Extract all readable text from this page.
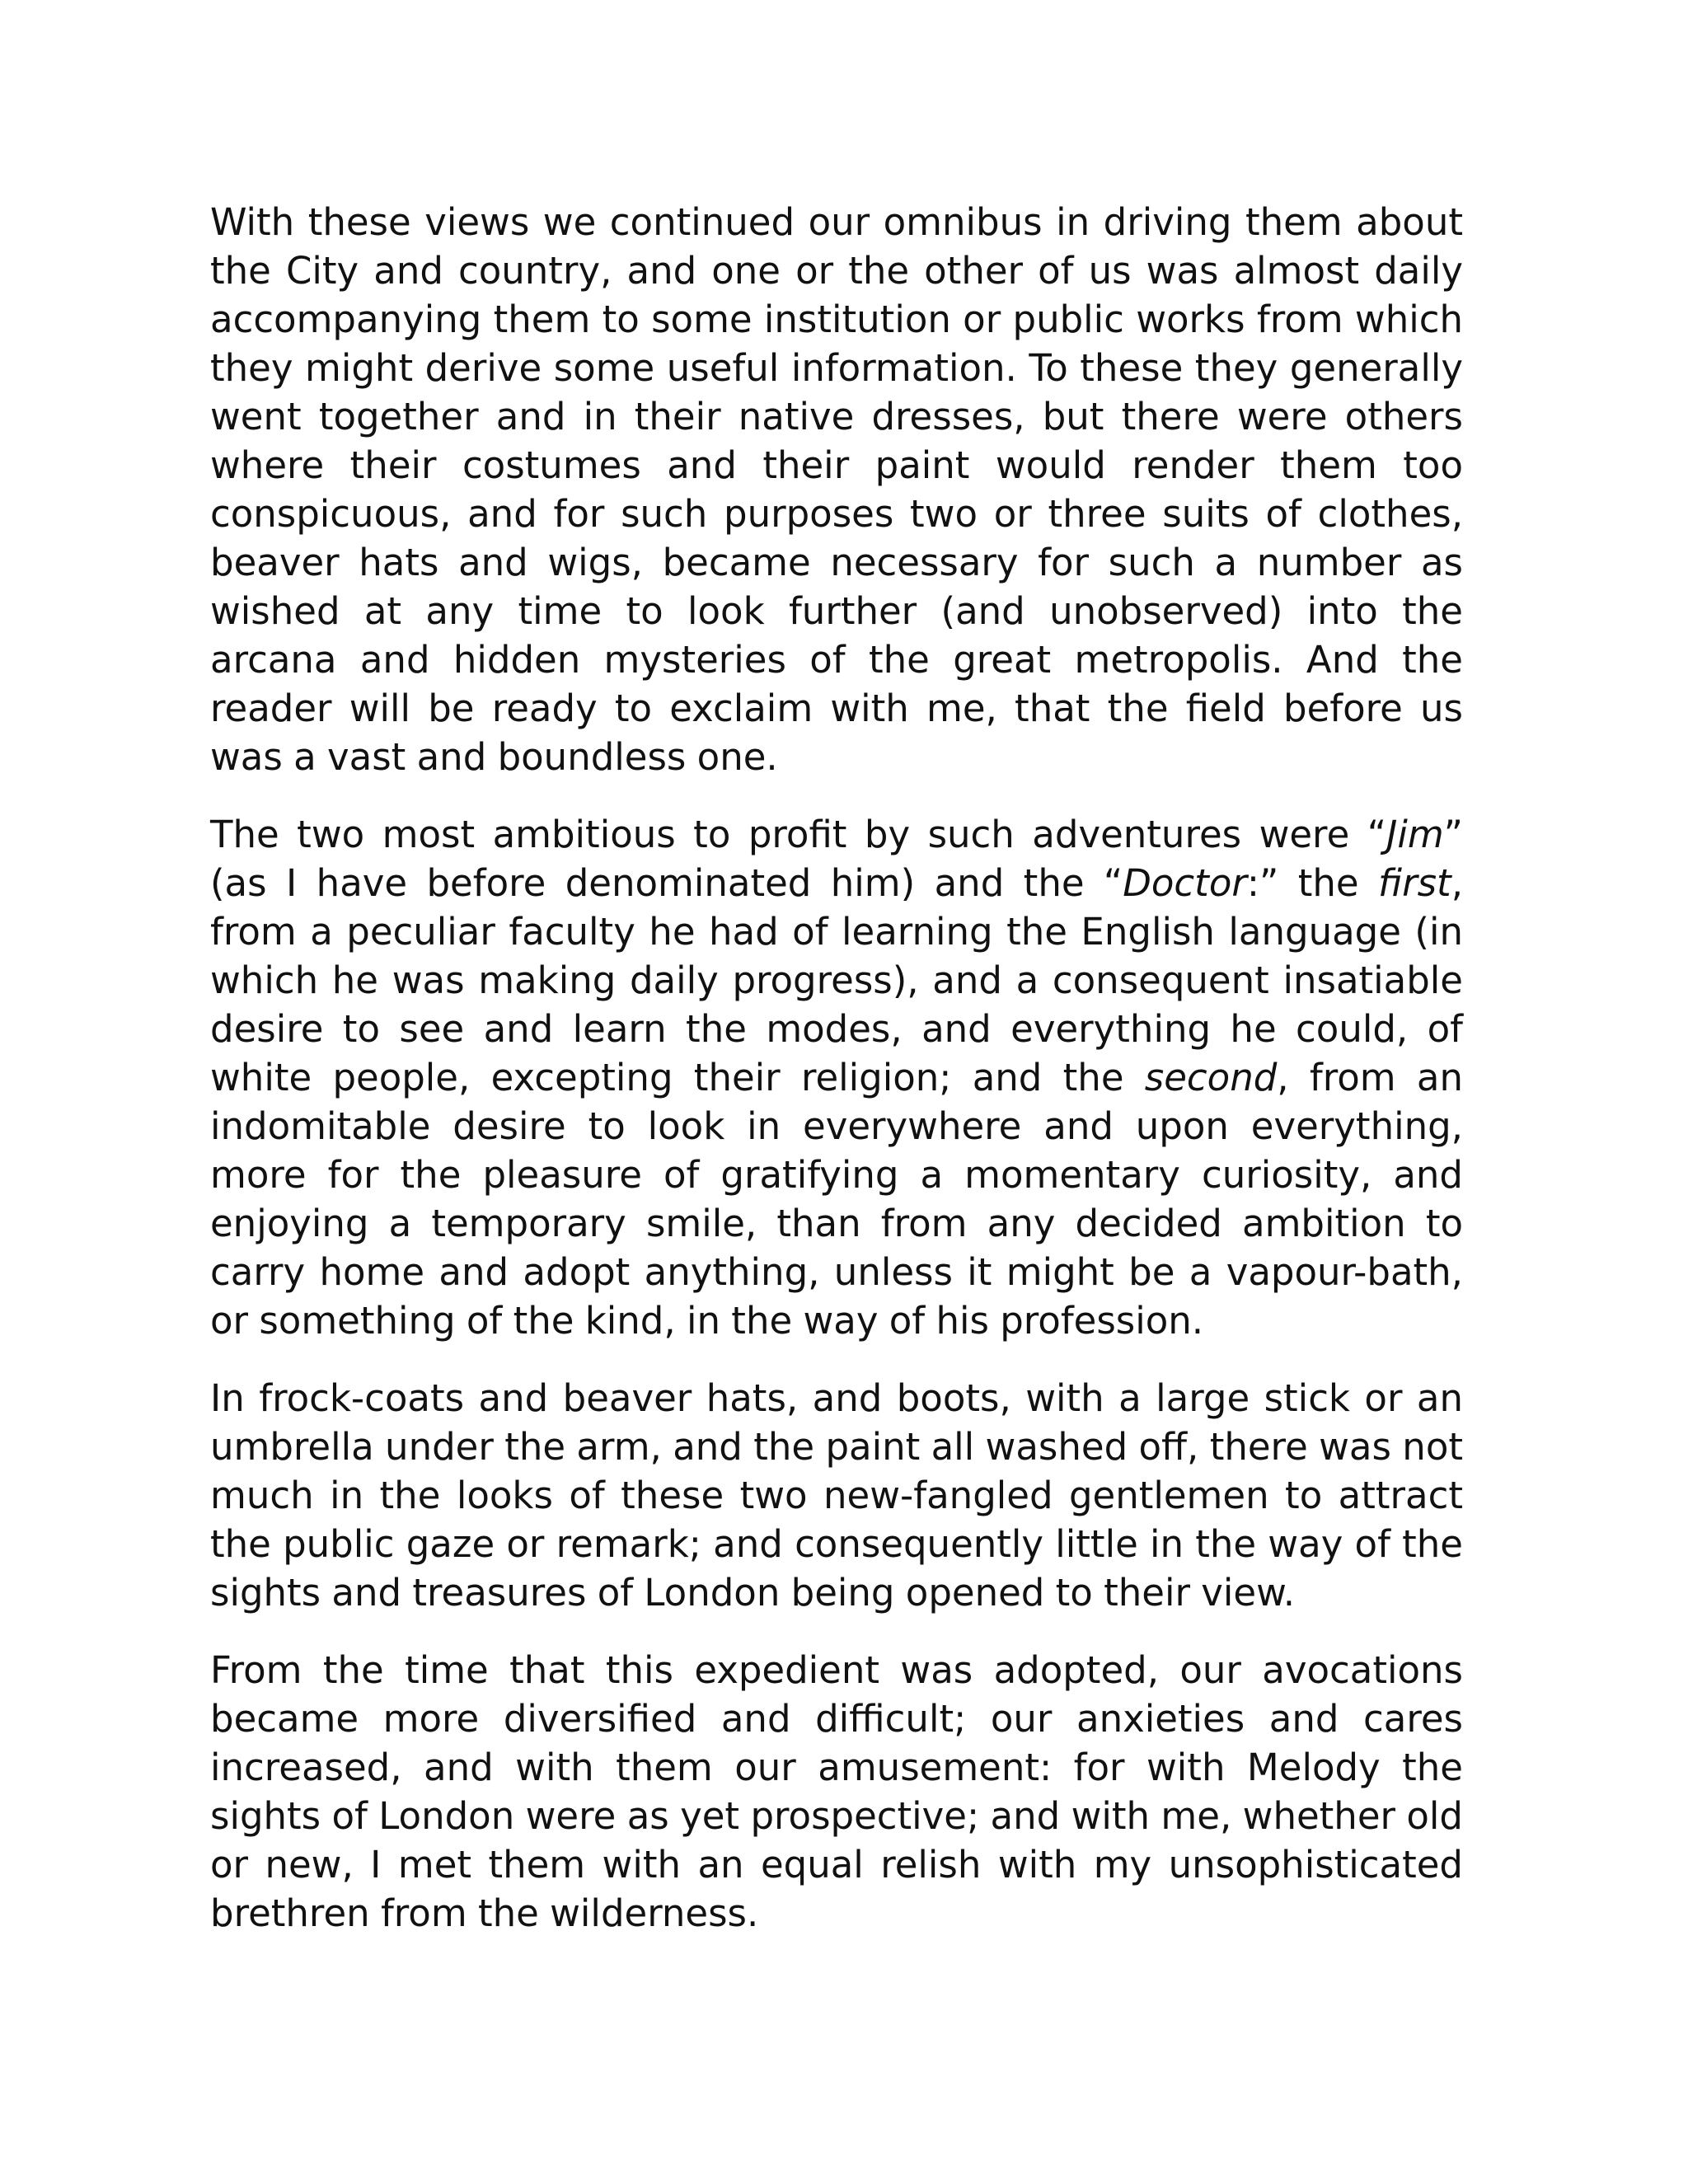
With these views we continued our omnibus in driving them about the City and country, and one or the other of us was almost daily accompanying them to some institution or public works from which they might derive some useful information. To these they generally went together and in their native dresses, but there were others where their costumes and their paint would render them too conspicuous, and for such purposes two or three suits of clothes, beaver hats and wigs, became necessary for such a number as wished at any time to look further (and unobserved) into the arcana and hidden mysteries of the great metropolis. And the reader will be ready to exclaim with me, that the field before us was a vast and boundless one.

The two most ambitious to profit by such adventures were “Jim” (as I have before denominated him) and the “Doctor:” the first, from a peculiar faculty he had of learning the English language (in which he was making daily progress), and a consequent insatiable desire to see and learn the modes, and everything he could, of white people, excepting their religion; and the second, from an indomitable desire to look in everywhere and upon everything, more for the pleasure of gratifying a momentary curiosity, and enjoying a temporary smile, than from any decided ambition to carry home and adopt anything, unless it might be a vapour-bath, or something of the kind, in the way of his profession.

In frock-coats and beaver hats, and boots, with a large stick or an umbrella under the arm, and the paint all washed off, there was not much in the looks of these two new-fangled gentlemen to attract the public gaze or remark; and consequently little in the way of the sights and treasures of London being opened to their view.

From the time that this expedient was adopted, our avocations became more diversified and difficult; our anxieties and cares increased, and with them our amusement: for with Melody the sights of London were as yet prospective; and with me, whether old or new, I met them with an equal relish with my unsophisticated brethren from the wilderness.
